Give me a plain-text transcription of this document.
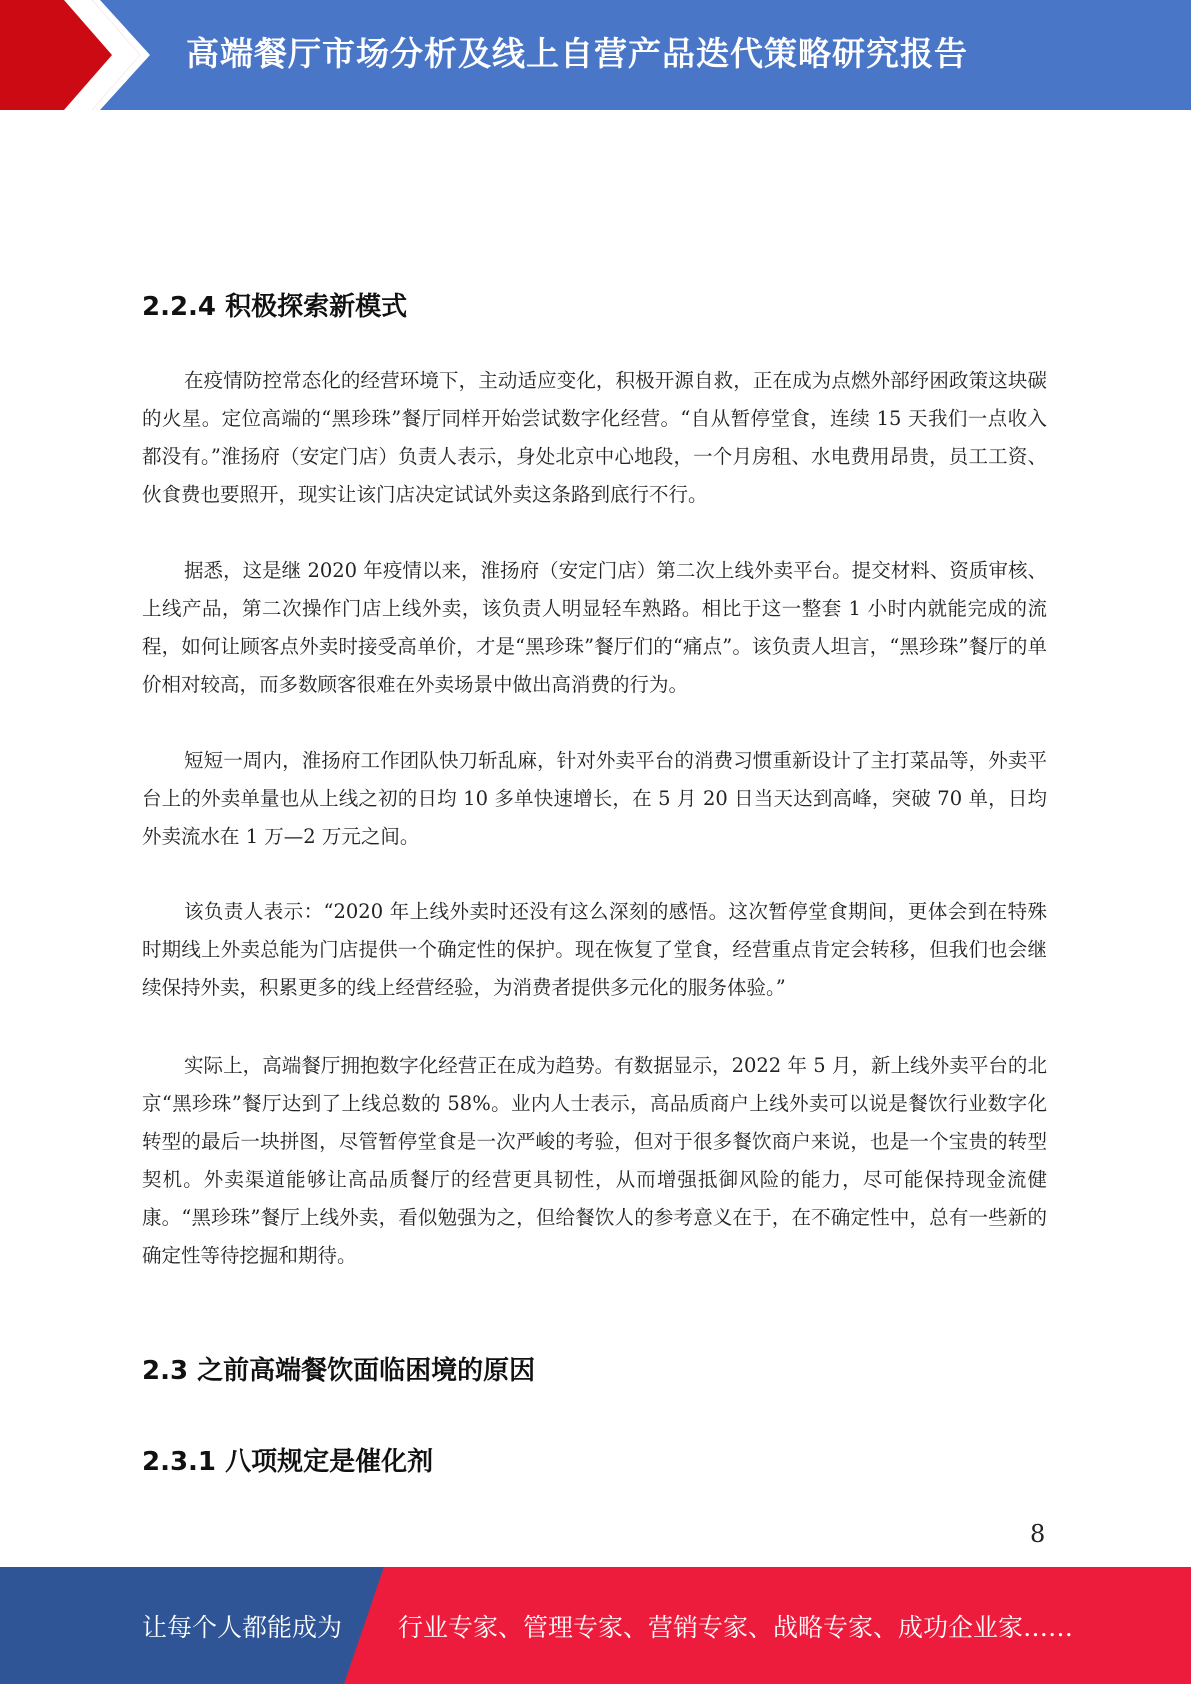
高端餐厅市场分析及线上自营产品迭代策略研究报告
2.2.4 积极探索新模式

在疫情防控常态化的经营环境下，主动适应变化，积极开源自救，正在成为点燃外部纾困政策这块碳的火星。定位高端的“黑珍珠”餐厅同样开始尝试数字化经营。“自从暂停堂食，连续 15 天我们一点收入都没有。”淮扬府（安定门店）负责人表示，身处北京中心地段，一个月房租、水电费用昂贵，员工工资、伙食费也要照开，现实让该门店决定试试外卖这条路到底行不行。

据悉，这是继 2020 年疫情以来，淮扬府（安定门店）第二次上线外卖平台。提交材料、资质审核、上线产品，第二次操作门店上线外卖，该负责人明显轻车熟路。相比于这一整套 1 小时内就能完成的流程，如何让顾客点外卖时接受高单价，才是“黑珍珠”餐厅们的“痛点”。该负责人坦言，“黑珍珠”餐厅的单价相对较高，而多数顾客很难在外卖场景中做出高消费的行为。

短短一周内，淮扬府工作团队快刀斩乱麻，针对外卖平台的消费习惯重新设计了主打菜品等，外卖平台上的外卖单量也从上线之初的日均 10 多单快速增长，在 5 月 20 日当天达到高峰，突破 70 单，日均外卖流水在 1 万—2 万元之间。

该负责人表示：“2020 年上线外卖时还没有这么深刻的感悟。这次暂停堂食期间，更体会到在特殊时期线上外卖总能为门店提供一个确定性的保护。现在恢复了堂食，经营重点肯定会转移，但我们也会继续保持外卖，积累更多的线上经营经验，为消费者提供多元化的服务体验。”

实际上，高端餐厅拥抱数字化经营正在成为趋势。有数据显示，2022 年 5 月，新上线外卖平台的北京“黑珍珠”餐厅达到了上线总数的 58%。业内人士表示，高品质商户上线外卖可以说是餐饮行业数字化转型的最后一块拼图，尽管暂停堂食是一次严峻的考验，但对于很多餐饮商户来说，也是一个宝贵的转型契机。外卖渠道能够让高品质餐厅的经营更具韧性，从而增强抵御风险的能力，尽可能保持现金流健康。“黑珍珠”餐厅上线外卖，看似勉强为之，但给餐饮人的参考意义在于，在不确定性中，总有一些新的确定性等待挖掘和期待。

2.3 之前高端餐饮面临困境的原因
2.3.1 八项规定是催化剂
8
让每个人都能成为 行业专家、管理专家、营销专家、战略专家、成功企业家……
